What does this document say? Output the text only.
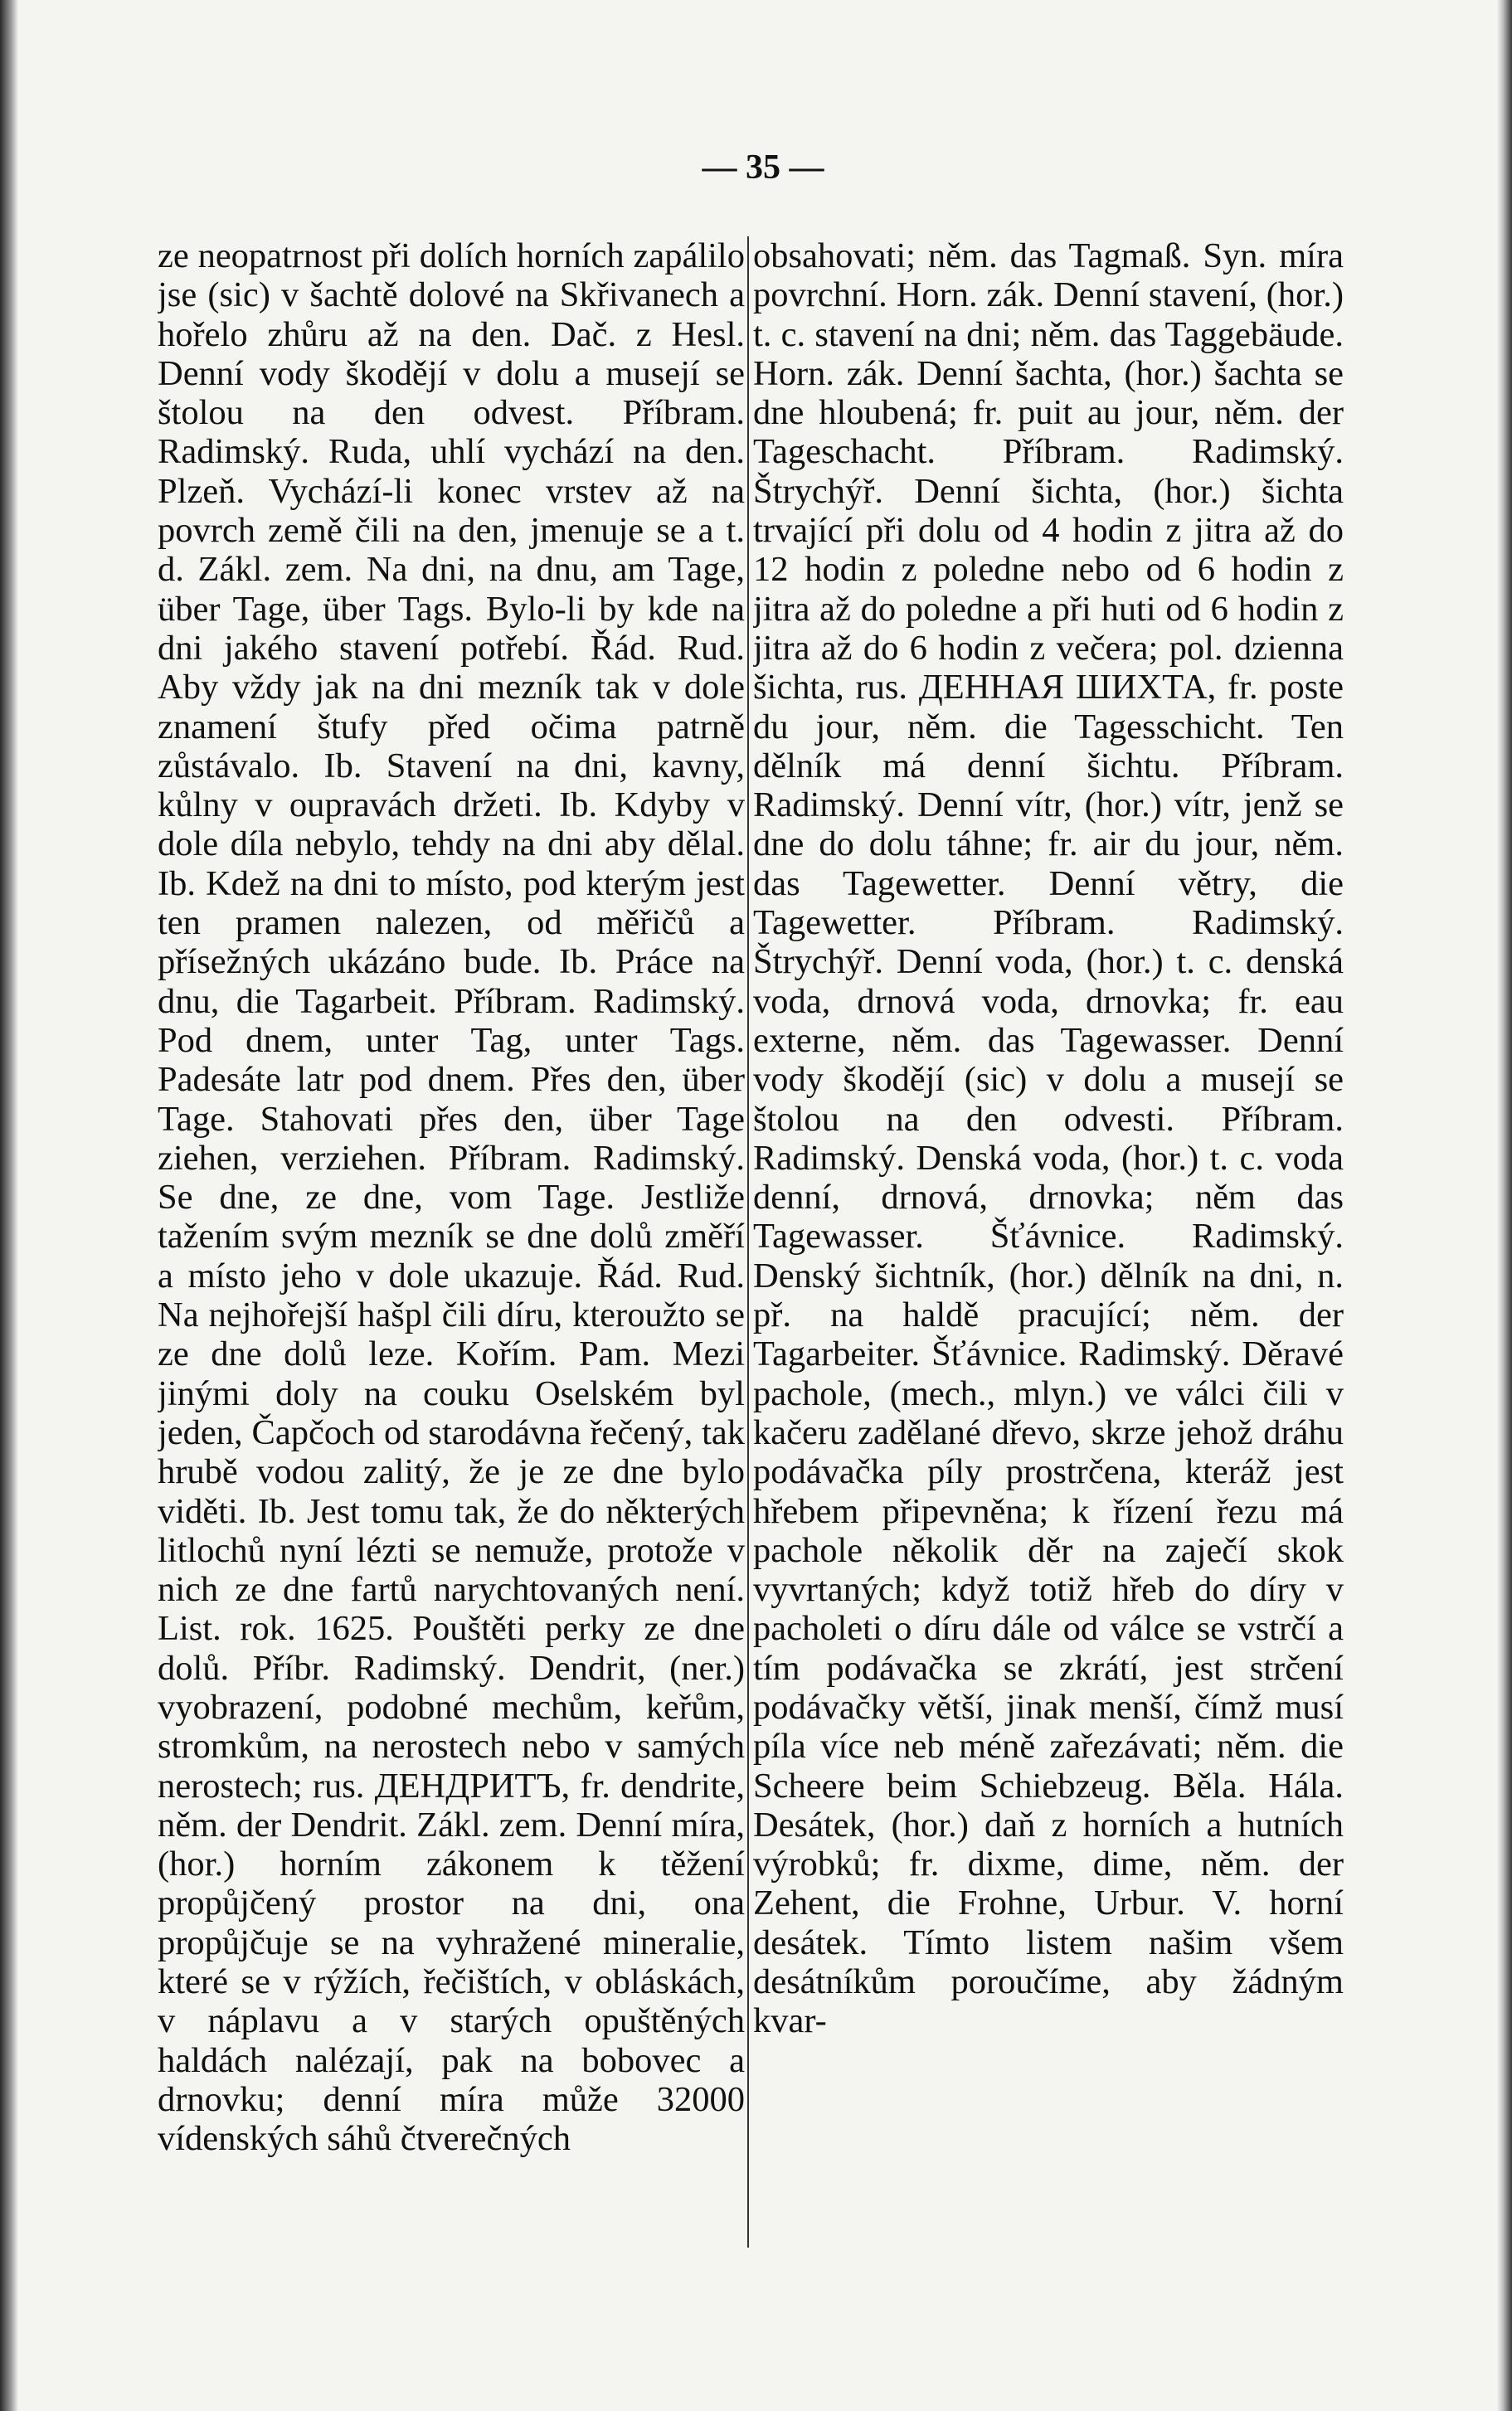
— 35 —

ze neopatrnost při dolích horních zapálilo jse (sic) v šachtě dolové na Skřivanech a hořelo zhůru až na den. Dač. z Hesl. Denní vody škodějí v dolu a musejí se štolou na den odvest. Příbram. Radimský. Ruda, uhlí vychází na den. Plzeň. Vychází-li konec vrstev až na povrch země čili na den, jmenuje se a t. d. Zákl. zem. Na dni, na dnu, am Tage, über Tage, über Tags. Bylo-li by kde na dni jakého stavení potřebí. Řád. Rud. Aby vždy jak na dni mezník tak v dole znamení štufy před očima patrně zůstávalo. Ib. Stavení na dni, kavny, kůlny v oupravách držeti. Ib. Kdyby v dole díla nebylo, tehdy na dni aby dělal. Ib. Kdež na dni to místo, pod kterým jest ten pramen nalezen, od měřičů a přísežných ukázáno bude. Ib. Práce na dnu, die Tagarbeit. Příbram. Radimský. Pod dnem, unter Tag, unter Tags. Padesáte latr pod dnem. Přes den, über Tage. Stahovati přes den, über Tage ziehen, verziehen. Příbram. Radimský. Se dne, ze dne, vom Tage. Jestliže tažením svým mezník se dne dolů změří a místo jeho v dole ukazuje. Řád. Rud. Na nejhořejší hašpl čili díru, kteroužto se ze dne dolů leze. Kořím. Pam. Mezi jinými doly na couku Oselském byl jeden, Čapčoch od starodávna řečený, tak hrubě vodou zalitý, že je ze dne bylo viděti. Ib. Jest tomu tak, že do některých litlochů nyní lézti se nemuže, protože v nich ze dne fartů narychtovaných není. List. rok. 1625. Pouštěti perky ze dne dolů. Příbr. Radimský. Dendrit, (ner.) vyobrazení, podobné mechům, keřům, stromkům, na nerostech nebo v samých nerostech; rus. ДЕНДРИТЪ, fr. dendrite, něm. der Dendrit. Zákl. zem. Denní míra, (hor.) horním zákonem k těžení propůjčený prostor na dni, ona propůjčuje se na vyhražené mineralie, které se v rýžích, řečištích, v obláskách, v náplavu a v starých opuštěných haldách nalézají, pak na bobovec a drnovku; denní míra může 32000 vídenských sáhů čtverečných

obsahovati; něm. das Tagmaß. Syn. míra povrchní. Horn. zák. Denní stavení, (hor.) t. c. stavení na dni; něm. das Taggebäude. Horn. zák. Denní šachta, (hor.) šachta se dne hloubená; fr. puit au jour, něm. der Tageschacht. Příbram. Radimský. Štrychýř. Denní šichta, (hor.) šichta trvající při dolu od 4 hodin z jitra až do 12 hodin z poledne nebo od 6 hodin z jitra až do poledne a při huti od 6 hodin z jitra až do 6 hodin z večera; pol. dzienna šichta, rus. ДЕННАЯ ШИХТА, fr. poste du jour, něm. die Tagesschicht. Ten dělník má denní šichtu. Příbram. Radimský. Denní vítr, (hor.) vítr, jenž se dne do dolu táhne; fr. air du jour, něm. das Tagewetter. Denní větry, die Tagewetter. Příbram. Radimský. Štrychýř. Denní voda, (hor.) t. c. denská voda, drnová voda, drnovka; fr. eau externe, něm. das Tagewasser. Denní vody škodějí (sic) v dolu a musejí se štolou na den odvesti. Příbram. Radimský. Denská voda, (hor.) t. c. voda denní, drnová, drnovka; něm das Tagewasser. Šťávnice. Radimský. Denský šichtník, (hor.) dělník na dni, n. př. na haldě pracující; něm. der Tagarbeiter. Šťávnice. Radimský. Děravé pachole, (mech., mlyn.) ve válci čili v kačeru zadělané dřevo, skrze jehož dráhu podávačka píly prostrčena, kteráž jest hřebem připevněna; k řízení řezu má pachole několik děr na zaječí skok vyvrtaných; když totiž hřeb do díry v pacholeti o díru dále od válce se vstrčí a tím podávačka se zkrátí, jest strčení podávačky větší, jinak menší, čímž musí píla více neb méně zařezávati; něm. die Scheere beim Schiebzeug. Běla. Hála. Desátek, (hor.) daň z horních a hutních výrobků; fr. dixme, dime, něm. der Zehent, die Frohne, Urbur. V. horní desátek. Tímto listem našim všem desátníkům poroučíme, aby žádným kvar-
